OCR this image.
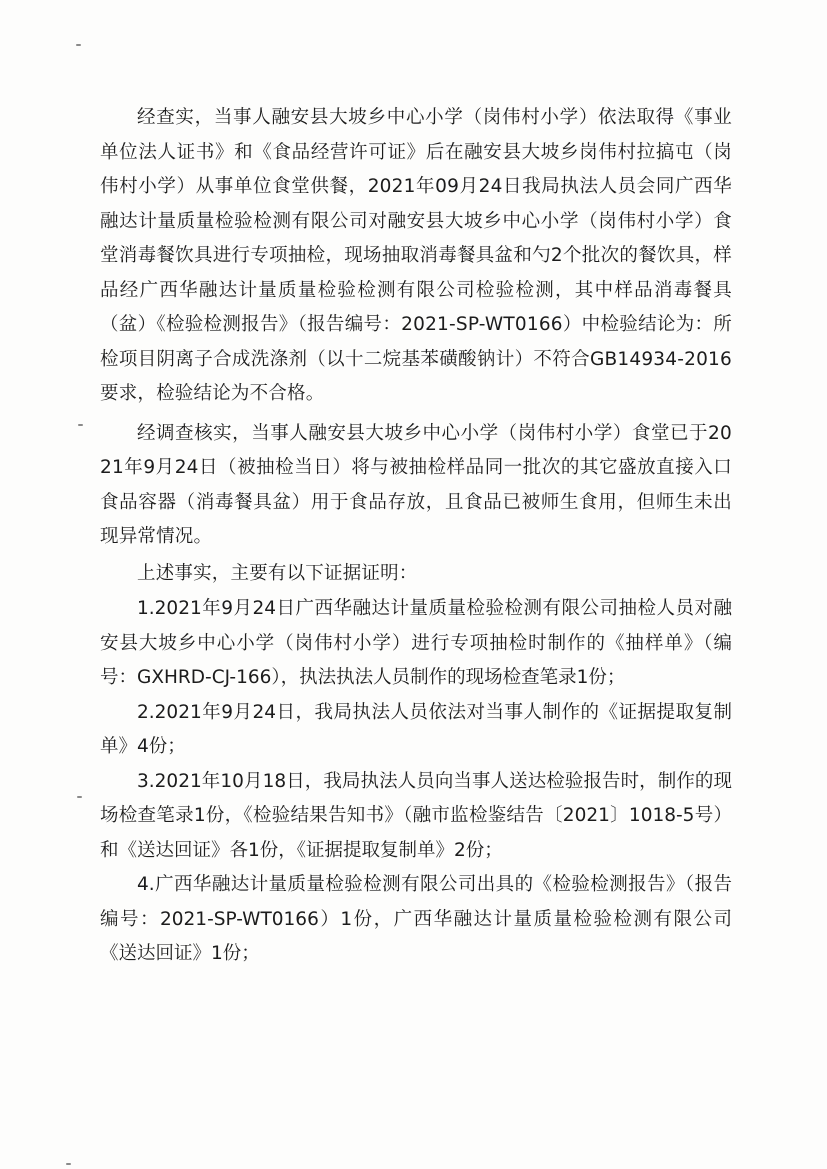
经查实，当事人融安县大坡乡中心小学（岗伟村小学）依法取得《事业单位法人证书》和《食品经营许可证》后在融安县大坡乡岗伟村拉搞屯（岗伟村小学）从事单位食堂供餐，2021年09月24日我局执法人员会同广西华融达计量质量检验检测有限公司对融安县大坡乡中心小学（岗伟村小学）食堂消毒餐饮具进行专项抽检，现场抽取消毒餐具盆和勺2个批次的餐饮具，样品经广西华融达计量质量检验检测有限公司检验检测，其中样品消毒餐具（盆）《检验检测报告》（报告编号：2021-SP-WT0166）中检验结论为：所检项目阴离子合成洗涤剂（以十二烷基苯磺酸钠计）不符合GB14934-2016要求，检验结论为不合格。

经调查核实，当事人融安县大坡乡中心小学（岗伟村小学）食堂已于2021年9月24日（被抽检当日）将与被抽检样品同一批次的其它盛放直接入口食品容器（消毒餐具盆）用于食品存放，且食品已被师生食用，但师生未出现异常情况。

上述事实，主要有以下证据证明：

1.2021年9月24日广西华融达计量质量检验检测有限公司抽检人员对融安县大坡乡中心小学（岗伟村小学）进行专项抽检时制作的《抽样单》（编号：GXHRD-CJ-166），执法执法人员制作的现场检查笔录1份；

2.2021年9月24日，我局执法人员依法对当事人制作的《证据提取复制单》4份；

3.2021年10月18日，我局执法人员向当事人送达检验报告时，制作的现场检查笔录1份，《检验结果告知书》（融市监检鉴结告〔2021〕1018-5号）和《送达回证》各1份，《证据提取复制单》2份；

4.广西华融达计量质量检验检测有限公司出具的《检验检测报告》（报告编号：2021-SP-WT0166）1份，广西华融达计量质量检验检测有限公司《送达回证》1份；
